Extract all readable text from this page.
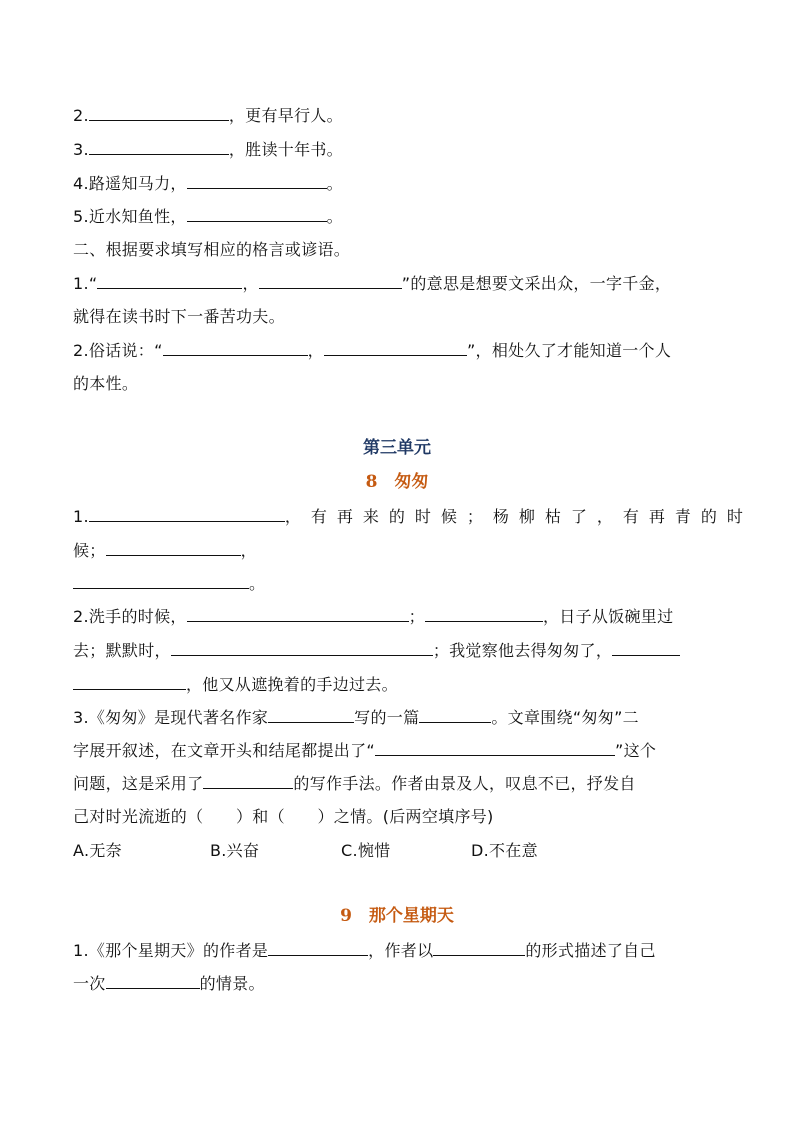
2.	，更有早行人。
3.	，胜读十年书。
4.路遥知马力，	。
5.近水知鱼性，	。
二、根据要求填写相应的格言或谚语。
1.“	，	”的意思是想要文采出众，一字千金，
就得在读书时下一番苦功夫。
2.俗话说：“	，	”，相处久了才能知道一个人
的本性。
第三单元
8　匆匆
1.	，有再来的时候；杨柳枯了，有再青的时
候；	，
。
2.洗手的时候，	；	，日子从饭碗里过
去；默默时，	；我觉察他去得匆匆了，
，他又从遮挽着的手边过去。
3.《匆匆》是现代著名作家	写的一篇	。文章围绕“匆匆”二
字展开叙述，在文章开头和结尾都提出了“	”这个
问题，这是采用了	的写作手法。作者由景及人，叹息不已，抒发自
己对时光流逝的（　　）和（　　）之情。(后两空填序号)
A.无奈	B.兴奋	C.惋惜	D.不在意
9　那个星期天
1.《那个星期天》的作者是	，作者以	的形式描述了自己
一次	的情景。
